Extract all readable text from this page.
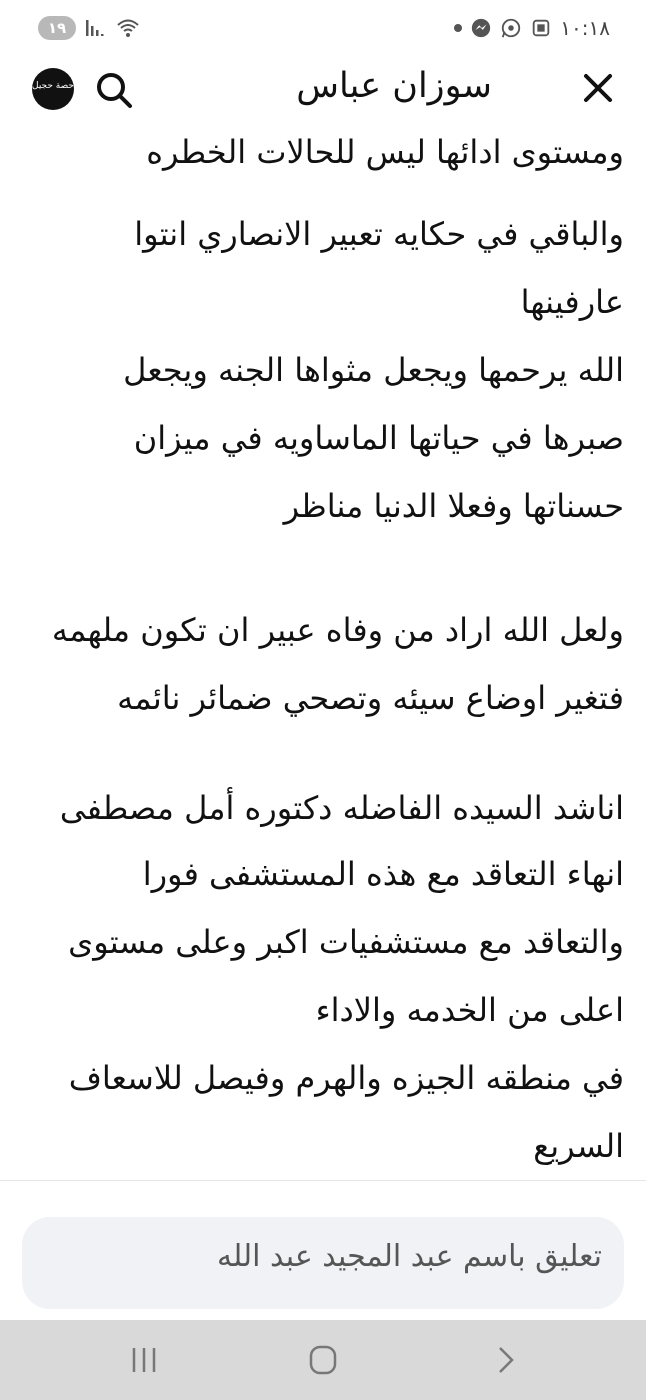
١٩	١٠:١٨
سوزان عباس
حصة حجيل
ومستوى ادائها ليس للحالات الخطره
والباقي في حكايه تعبير الانصاري انتوا
عارفينها
الله يرحمها ويجعل مثواها الجنه ويجعل
صبرها في حياتها الماساويه في ميزان
حسناتها وفعلا الدنيا مناظر
ولعل الله اراد من وفاه عبير ان تكون ملهمه
فتغير اوضاع سيئه وتصحي ضمائر نائمه
اناشد السيده الفاضله دكتوره أمل مصطفى
انهاء التعاقد مع هذه المستشفى فورا
والتعاقد مع مستشفيات اكبر وعلى مستوى
اعلى من الخدمه والاداء
في منطقه الجيزه والهرم وفيصل للاسعاف
السريع
تعليق باسم عبد المجيد عبد الله
